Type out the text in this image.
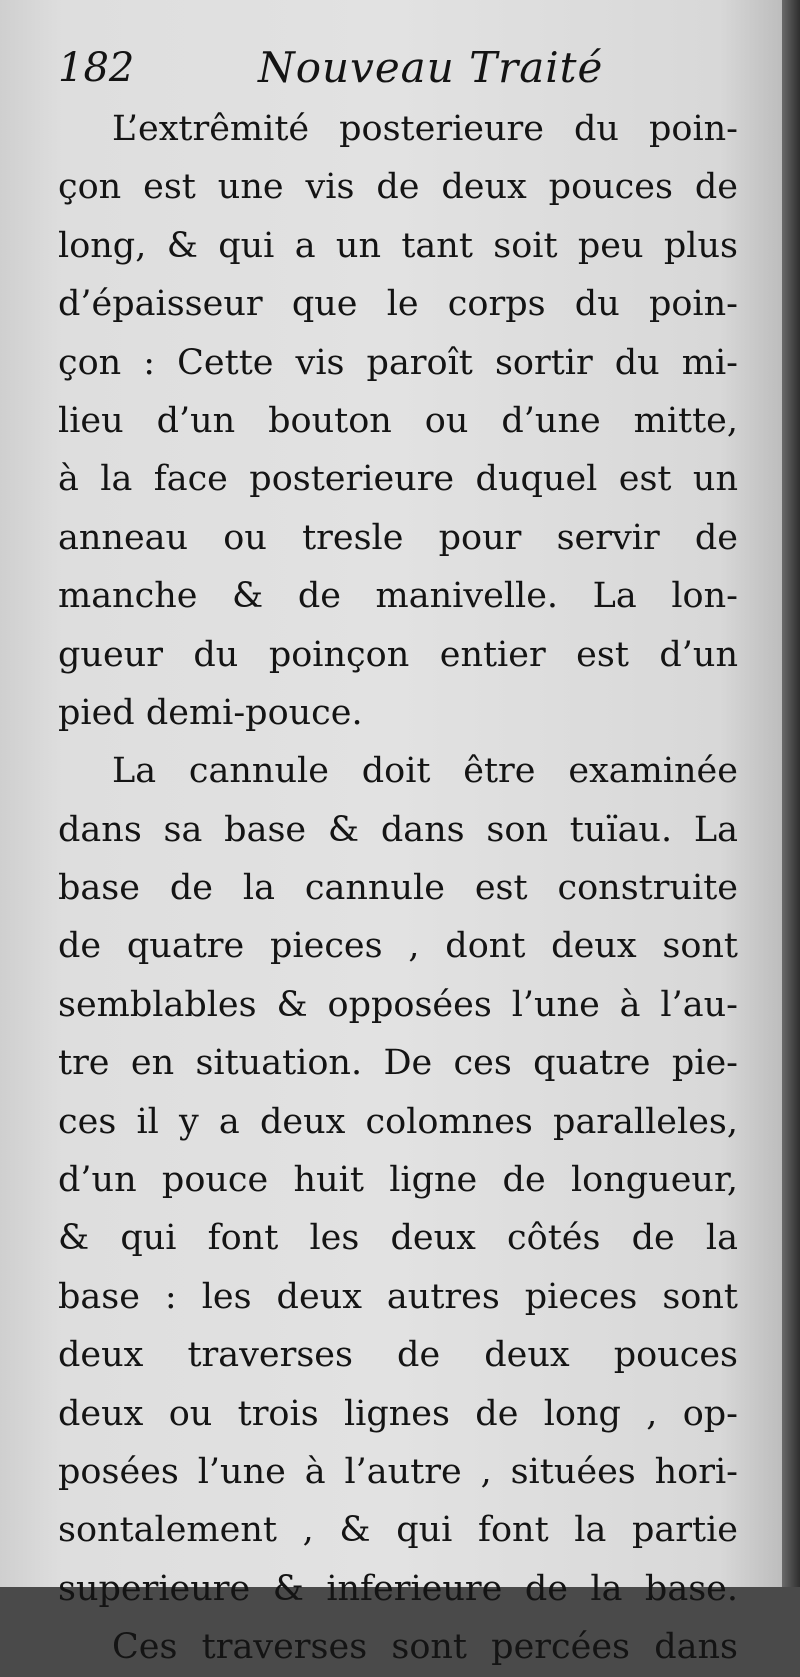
182	Nouveau Traité
L’extrêmité posterieure du poin-
çon est une vis de deux pouces de
long, & qui a un tant soit peu plus
d’épaisseur que le corps du poin-
çon : Cette vis paroît sortir du mi-
lieu d’un bouton ou d’une mitte,
à la face posterieure duquel est un
anneau ou tresle pour servir de
manche & de manivelle. La lon-
gueur du poinçon entier est d’un
pied demi-pouce.
La cannule doit être examinée
dans sa base & dans son tuïau. La
base de la cannule est construite
de quatre pieces , dont deux sont
semblables & opposées l’une à l’au-
tre en situation. De ces quatre pie-
ces il y a deux colomnes paralleles,
d’un pouce huit ligne de longueur,
& qui font les deux côtés de la
base : les deux autres pieces sont
deux traverses de deux pouces
deux ou trois lignes de long , op-
posées l’une à l’autre , situées hori-
sontalement , & qui font la partie
superieure & inferieure de la base.
Ces traverses sont percées dans
